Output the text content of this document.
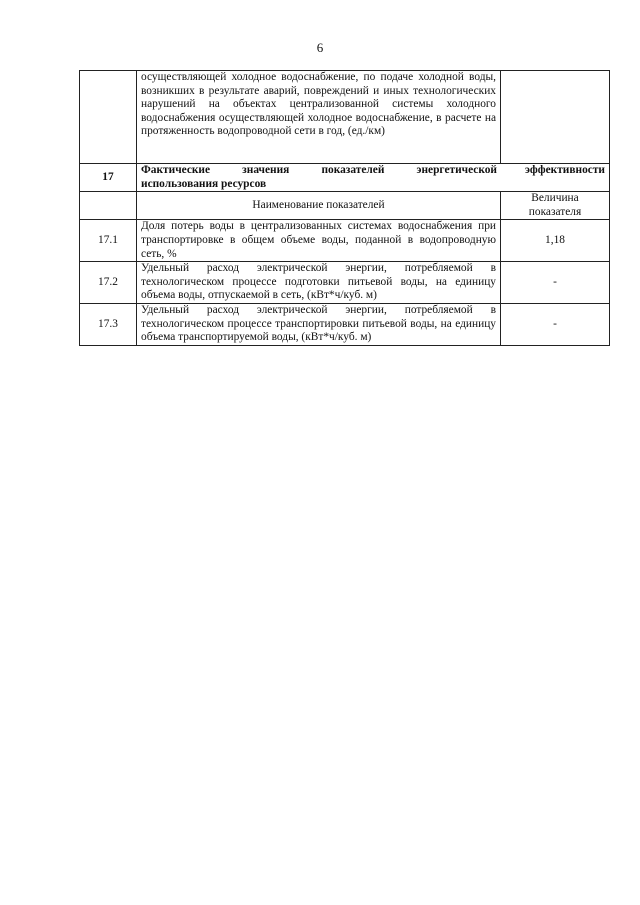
6
	осуществляющей холодное водоснабжение, по подаче холодной воды, возникших в результате аварий, повреждений и иных технологических нарушений на объектах централизованной системы холодного водоснабжения осуществляющей холодное водоснабжение, в расчете на протяженность водопроводной сети в год, (ед./км)	
17	Фактические значения показателей энергетической эффективности
использования ресурсов	

	Наименование показателей	Величина показателя
17.1	Доля потерь воды в централизованных системах водоснабжения при транспортировке в общем объеме воды, поданной в водопроводную сеть, %	1,18
17.2	Удельный расход электрической энергии, потребляемой в технологическом процессе подготовки питьевой воды, на единицу объема воды, отпускаемой в сеть, (кВт*ч/куб. м)	-
17.3	Удельный расход электрической энергии, потребляемой в технологическом процессе транспортировки питьевой воды, на единицу объема транспортируемой воды, (кВт*ч/куб. м)	-
